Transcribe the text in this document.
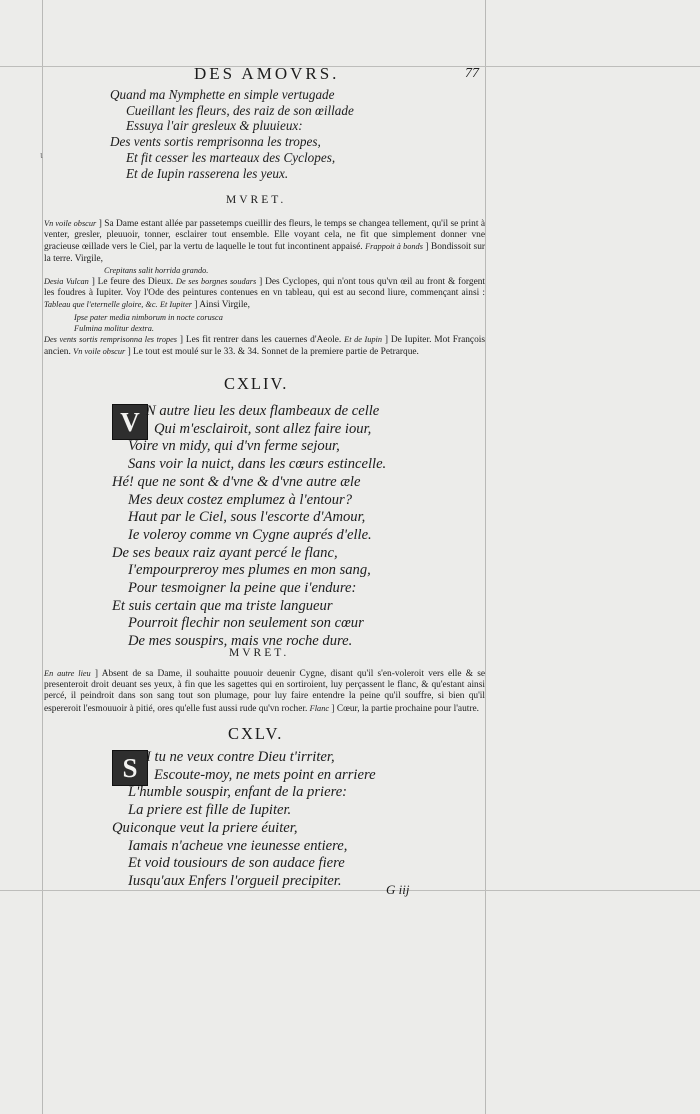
DES AMOVRS.	77
Quand ma Nymphette en simple vertugade
Cueillant les fleurs, des raiz de son œillade
Essuya l'air gresleux & pluuieux:
Des vents sortis remprisonna les tropes,
Et fit cesser les marteaux des Cyclopes,
Et de Iupin rasserena les yeux.
ι
MVRET.
Vn voile obscur ] Sa Dame estant allée par passetemps cueillir des fleurs, le temps se changea tellement, qu'il se print à venter, gresler, pleuuoir, tonner, esclairer tout ensemble. Elle voyant cela, ne fit que simplement donner vne gracieuse œillade vers le Ciel, par la vertu de laquelle le tout fut incontinent appaisé. Frappoit à bonds ] Bondissoit sur la terre. Virgile,
Crepitans salit horrida grando.
Desia Vulcan ] Le feure des Dieux. De ses borgnes soudars ] Des Cyclopes, qui n'ont tous qu'vn œil au front & forgent les foudres à Iupiter. Voy l'Ode des peintures contenues en vn tableau, qui est au second liure, commençant ainsi : Tableau que l'eternelle gloire, &c. Et Iupiter ] Ainsi Virgile,
Ipse pater media nimborum in nocte corusca
Fulmina molitur dextra.
Des vents sortis remprisonna les tropes ] Les fit rentrer dans les cauernes d'Aeole. Et de Iupin ] De Iupiter. Mot François ancien. Vn voile obscur ] Le tout est moulé sur le 33. & 34. Sonnet de la premiere partie de Petrarque.
CXLIV.
V N autre lieu les deux flambeaux de celle
Qui m'esclairoit, sont allez faire iour,
Voire vn midy, qui d'vn ferme sejour,
Sans voir la nuict, dans les cœurs estincelle.
Hé! que ne sont & d'vne & d'vne autre æle
Mes deux costez emplumez à l'entour?
Haut par le Ciel, sous l'escorte d'Amour,
Ie voleroy comme vn Cygne auprés d'elle.
De ses beaux raiz ayant percé le flanc,
I'empourpreroy mes plumes en mon sang,
Pour tesmoigner la peine que i'endure:
Et suis certain que ma triste langueur
Pourroit flechir non seulement son cœur
De mes souspirs, mais vne roche dure.
MVRET.
En autre lieu ] Absent de sa Dame, il souhaitte pouuoir deuenir Cygne, disant qu'il s'en-voleroit vers elle & se presenteroit droit deuant ses yeux, à fin que les sagettes qui en sortiroient, luy perçassent le flanc, & qu'estant ainsi percé, il peindroit dans son sang tout son plumage, pour luy faire entendre la peine qu'il souffre, si bien qu'il espereroit l'esmouuoir à pitié, ores qu'elle fust aussi rude qu'vn rocher. Flanc ] Cœur, la partie prochaine pour l'autre.
CXLV.
S I tu ne veux contre Dieu t'irriter,
Escoute-moy, ne mets point en arriere
L'humble souspir, enfant de la priere:
La priere est fille de Iupiter.
Quiconque veut la priere éuiter,
Iamais n'acheue vne ieunesse entiere,
Et void tousiours de son audace fiere
Iusqu'aux Enfers l'orgueil precipiter.
G iij
